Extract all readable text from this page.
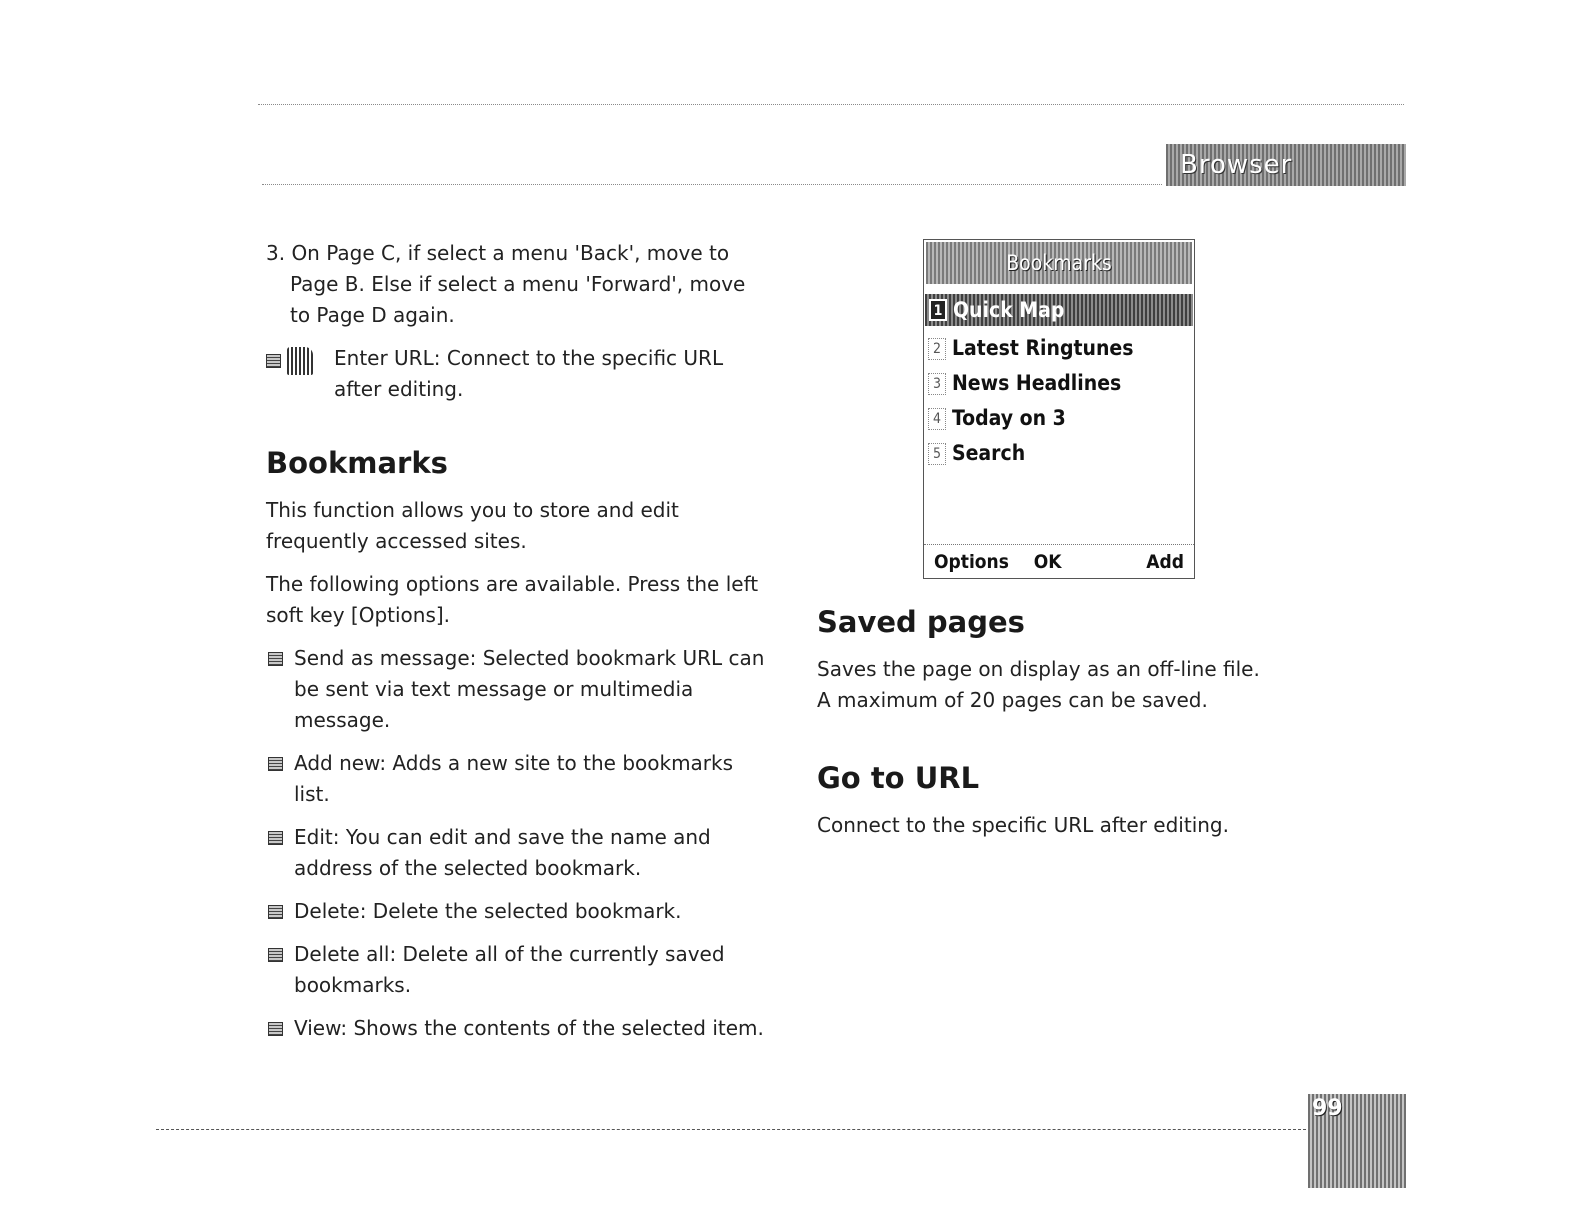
Browser

3. On Page C, if select a menu 'Back', move to Page B. Else if select a menu 'Forward', move to Page D again.

Enter URL: Connect to the specific URL after editing.
Bookmarks

This function allows you to store and edit frequently accessed sites.

The following options are available. Press the left soft key [Options].

Send as message: Selected bookmark URL can be sent via text message or multimedia message.
Add new: Adds a new site to the bookmarks list.
Edit: You can edit and save the name and address of the selected bookmark.
Delete: Delete the selected bookmark.
Delete all: Delete all of the currently saved bookmarks.
View: Shows the contents of the selected item.
Bookmarks
1 Quick Map
2 Latest Ringtunes
3 News Headlines
4 Today on 3
5 Search
Options OK	Add
Saved pages

Saves the page on display as an off-line file. A maximum of 20 pages can be saved.

Go to URL

Connect to the specific URL after editing.

99
